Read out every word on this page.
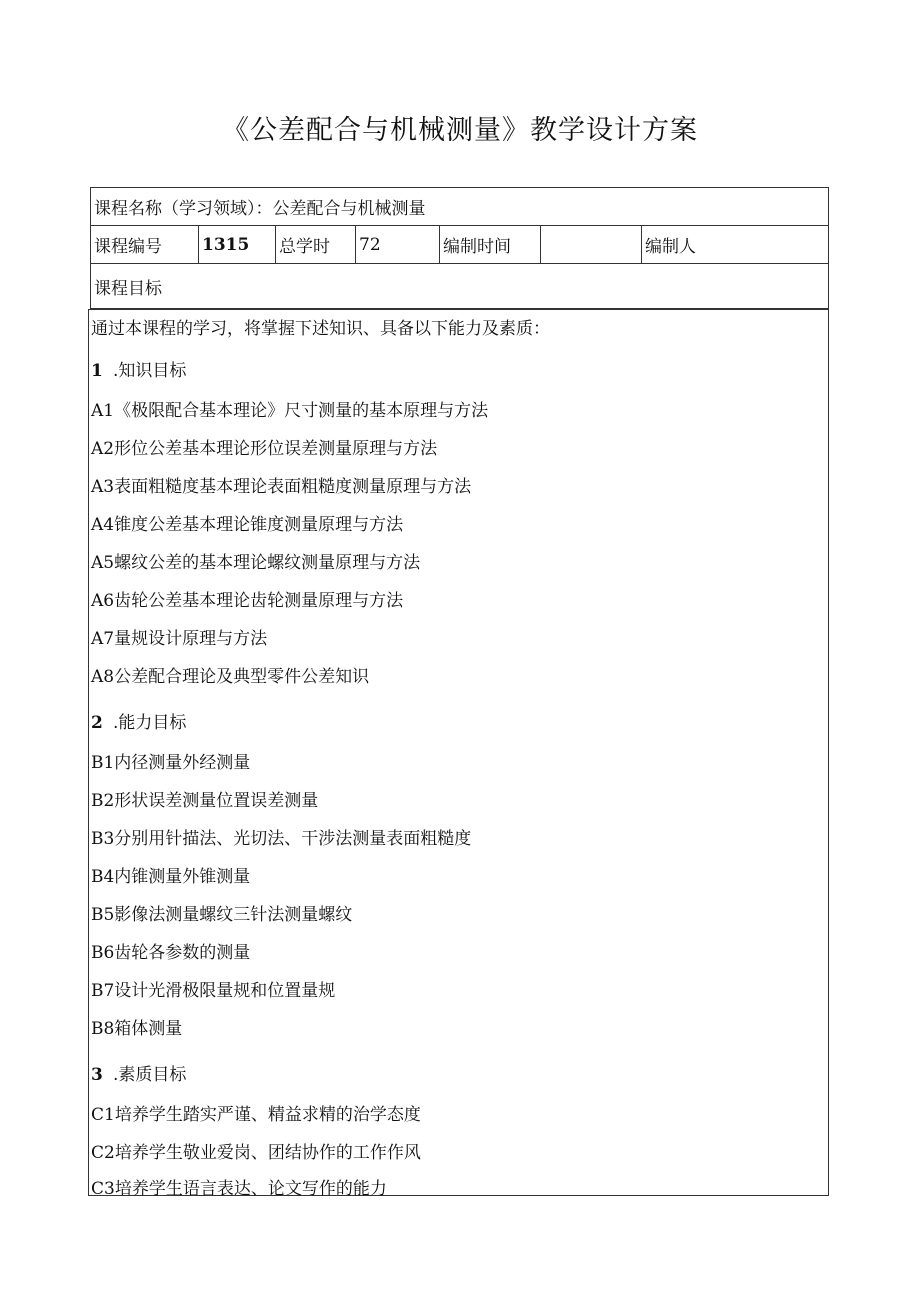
《公差配合与机械测量》教学设计方案
课程名称（学习领域）：公差配合与机械测量
课程编号	1315	总学时	72	编制时间		编制人
课程目标
通过本课程的学习，将掌握下述知识、具备以下能力及素质：
1 .知识目标
A1《极限配合基本理论》尺寸测量的基本原理与方法
A2形位公差基本理论形位误差测量原理与方法
A3表面粗糙度基本理论表面粗糙度测量原理与方法
A4锥度公差基本理论锥度测量原理与方法
A5螺纹公差的基本理论螺纹测量原理与方法
A6齿轮公差基本理论齿轮测量原理与方法
A7量规设计原理与方法
A8公差配合理论及典型零件公差知识
2 .能力目标
B1内径测量外经测量
B2形状误差测量位置误差测量
B3分别用针描法、光切法、干涉法测量表面粗糙度
B4内锥测量外锥测量
B5影像法测量螺纹三针法测量螺纹
B6齿轮各参数的测量
B7设计光滑极限量规和位置量规
B8箱体测量
3 .素质目标
C1培养学生踏实严谨、精益求精的治学态度
C2培养学生敬业爱岗、团结协作的工作作风
C3培养学生语言表达、论文写作的能力
